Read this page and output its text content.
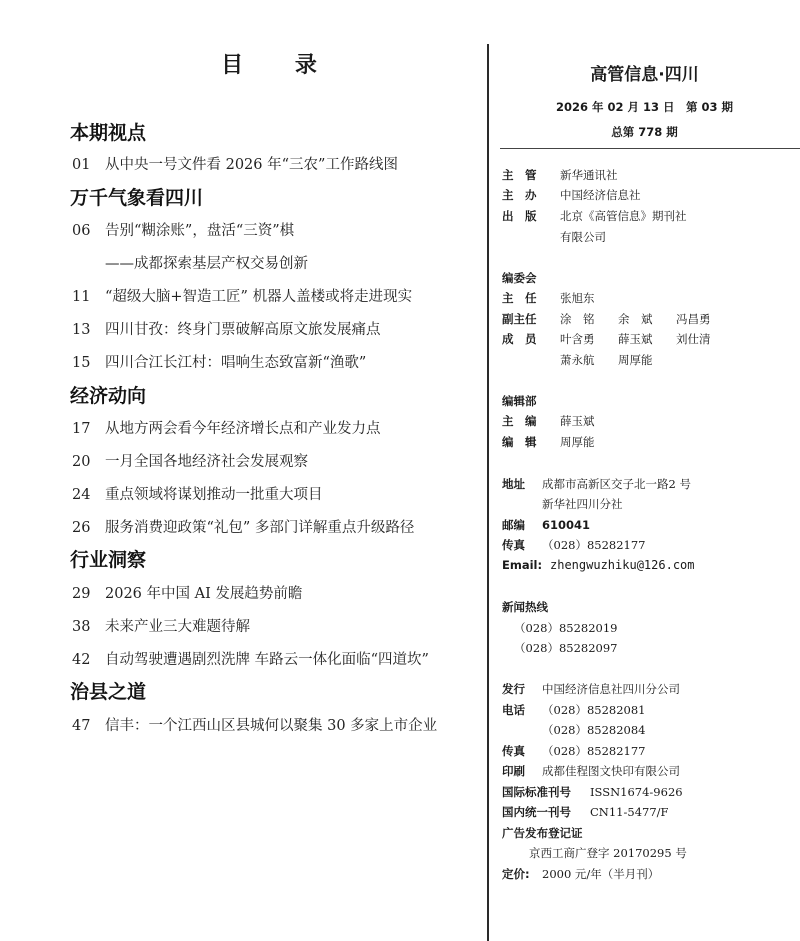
目 录
本期视点
01 从中央一号文件看 2026 年“三农”工作路线图
万千气象看四川
06 告别“糊涂账”，盘活“三资”棋
——成都探索基层产权交易创新
11 “超级大脑+智造工匠” 机器人盖楼或将走进现实
13 四川甘孜：终身门票破解高原文旅发展痛点
15 四川合江长江村：唱响生态致富新“渔歌”
经济动向
17 从地方两会看今年经济增长点和产业发力点
20 一月全国各地经济社会发展观察
24 重点领域将谋划推动一批重大项目
26 服务消费迎政策“礼包” 多部门详解重点升级路径
行业洞察
29 2026 年中国 AI 发展趋势前瞻
38 未来产业三大难题待解
42 自动驾驶遭遇剧烈洗牌 车路云一体化面临“四道坎”
治县之道
47 信丰：一个江西山区县城何以聚集 30 多家上市企业
高管信息·四川
2026 年 02 月 13 日　第 03 期
总第 778 期
主　管 新华通讯社
主　办 中国经济信息社
出　版 北京《高管信息》期刊社
有限公司
编委会
主　任 张旭东
副主任 涂　铭 余　斌 冯昌勇
成　员 叶含勇 薛玉斌 刘仕清
萧永航 周厚能
编辑部
主　编 薛玉斌
编　辑 周厚能
地址 成都市高新区交子北一路2 号
新华社四川分社
邮编 610041
传真 （028）85282177
Email: zhengwuzhiku@126.com
新闻热线
（028）85282019
（028）85282097
发行 中国经济信息社四川分公司
电话 （028）85282081
（028）85282084
传真 （028）85282177
印刷 成都佳程图文快印有限公司
国际标准刊号 ISSN1674-9626
国内统一刊号 CN11-5477/F
广告发布登记证
京西工商广登字 20170295 号
定价: 2000 元/年（半月刊）
